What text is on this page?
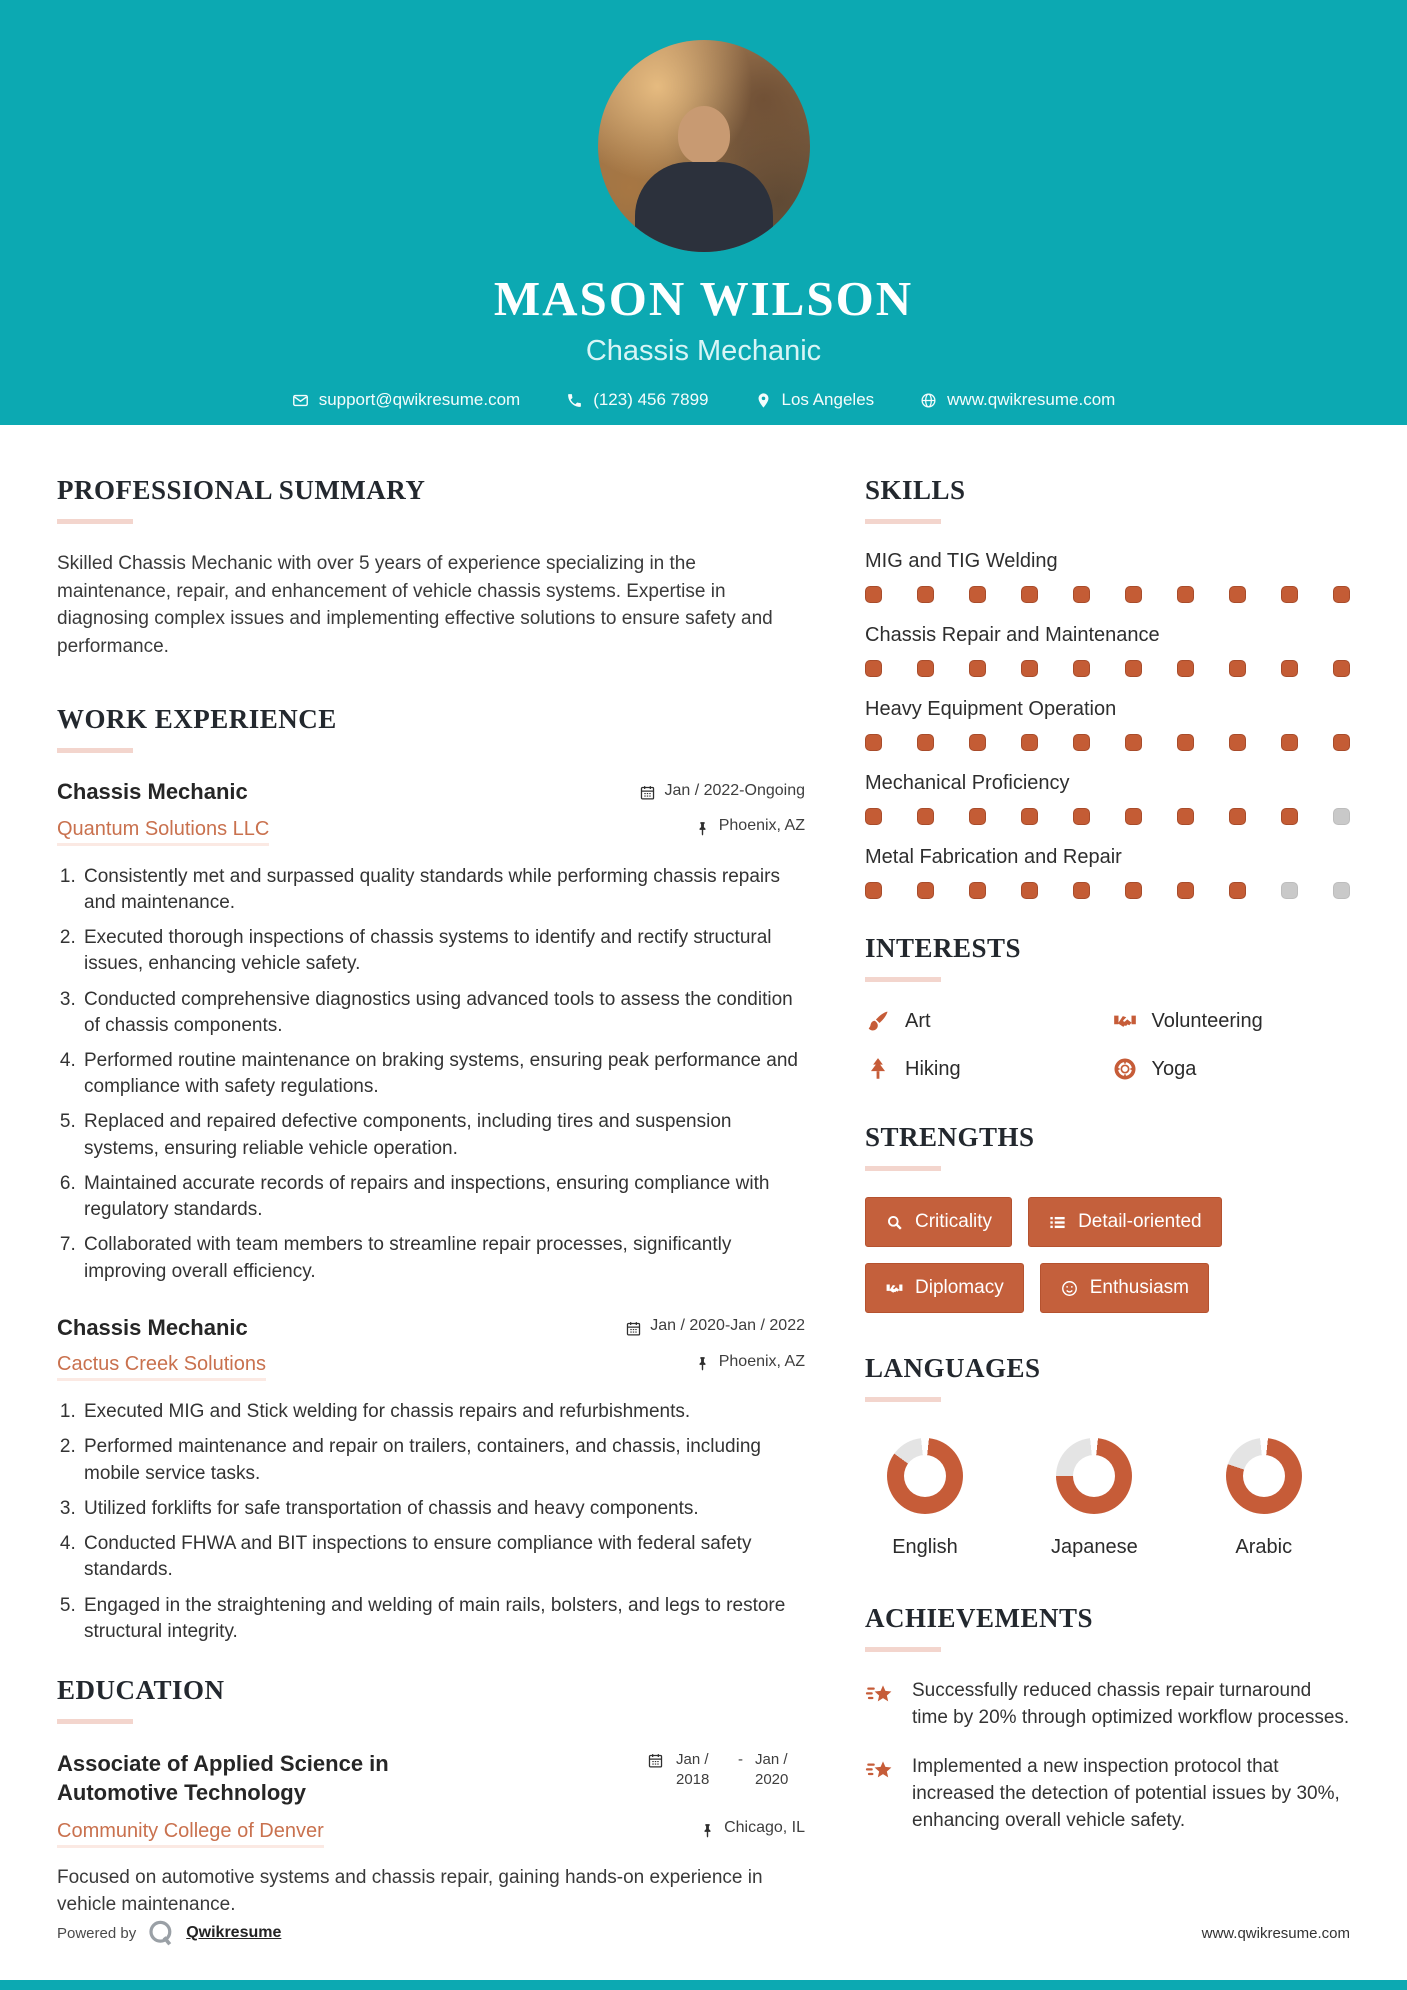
MASON WILSON
Chassis Mechanic
support@qwikresume.com	(123) 456 7899	Los Angeles	www.qwikresume.com
PROFESSIONAL SUMMARY

Skilled Chassis Mechanic with over 5 years of experience specializing in the maintenance, repair, and enhancement of vehicle chassis systems. Expertise in diagnosing complex issues and implementing effective solutions to ensure safety and performance.

WORK EXPERIENCE
Chassis Mechanic	Jan / 2022-Ongoing
Quantum Solutions LLC	Phoenix, AZ
1. Consistently met and surpassed quality standards while performing chassis repairs and maintenance.
2. Executed thorough inspections of chassis systems to identify and rectify structural issues, enhancing vehicle safety.
3. Conducted comprehensive diagnostics using advanced tools to assess the condition of chassis components.
4. Performed routine maintenance on braking systems, ensuring peak performance and compliance with safety regulations.
5. Replaced and repaired defective components, including tires and suspension systems, ensuring reliable vehicle operation.
6. Maintained accurate records of repairs and inspections, ensuring compliance with regulatory standards.
7. Collaborated with team members to streamline repair processes, significantly improving overall efficiency.
Chassis Mechanic	Jan / 2020-Jan / 2022
Cactus Creek Solutions	Phoenix, AZ
1. Executed MIG and Stick welding for chassis repairs and refurbishments.
2. Performed maintenance and repair on trailers, containers, and chassis, including mobile service tasks.
3. Utilized forklifts for safe transportation of chassis and heavy components.
4. Conducted FHWA and BIT inspections to ensure compliance with federal safety standards.
5. Engaged in the straightening and welding of main rails, bolsters, and legs to restore structural integrity.
EDUCATION
Associate of Applied Science in Automotive Technology
Jan / 2018
- Jan / 2020
Community College of Denver	Chicago, IL

Focused on automotive systems and chassis repair, gaining hands-on experience in vehicle maintenance.

SKILLS
MIG and TIG Welding
Chassis Repair and Maintenance
Heavy Equipment Operation
Mechanical Proficiency
Metal Fabrication and Repair
INTERESTS
Art	Volunteering
Hiking	Yoga
STRENGTHS
Criticality	Detail-oriented
Diplomacy	Enthusiasm
LANGUAGES
English	Japanese	Arabic
ACHIEVEMENTS

Successfully reduced chassis repair turnaround time by 20% through optimized workflow processes.

Implemented a new inspection protocol that increased the detection of potential issues by 30%, enhancing overall vehicle safety.

Powered by	Qwikresume	www.qwikresume.com
